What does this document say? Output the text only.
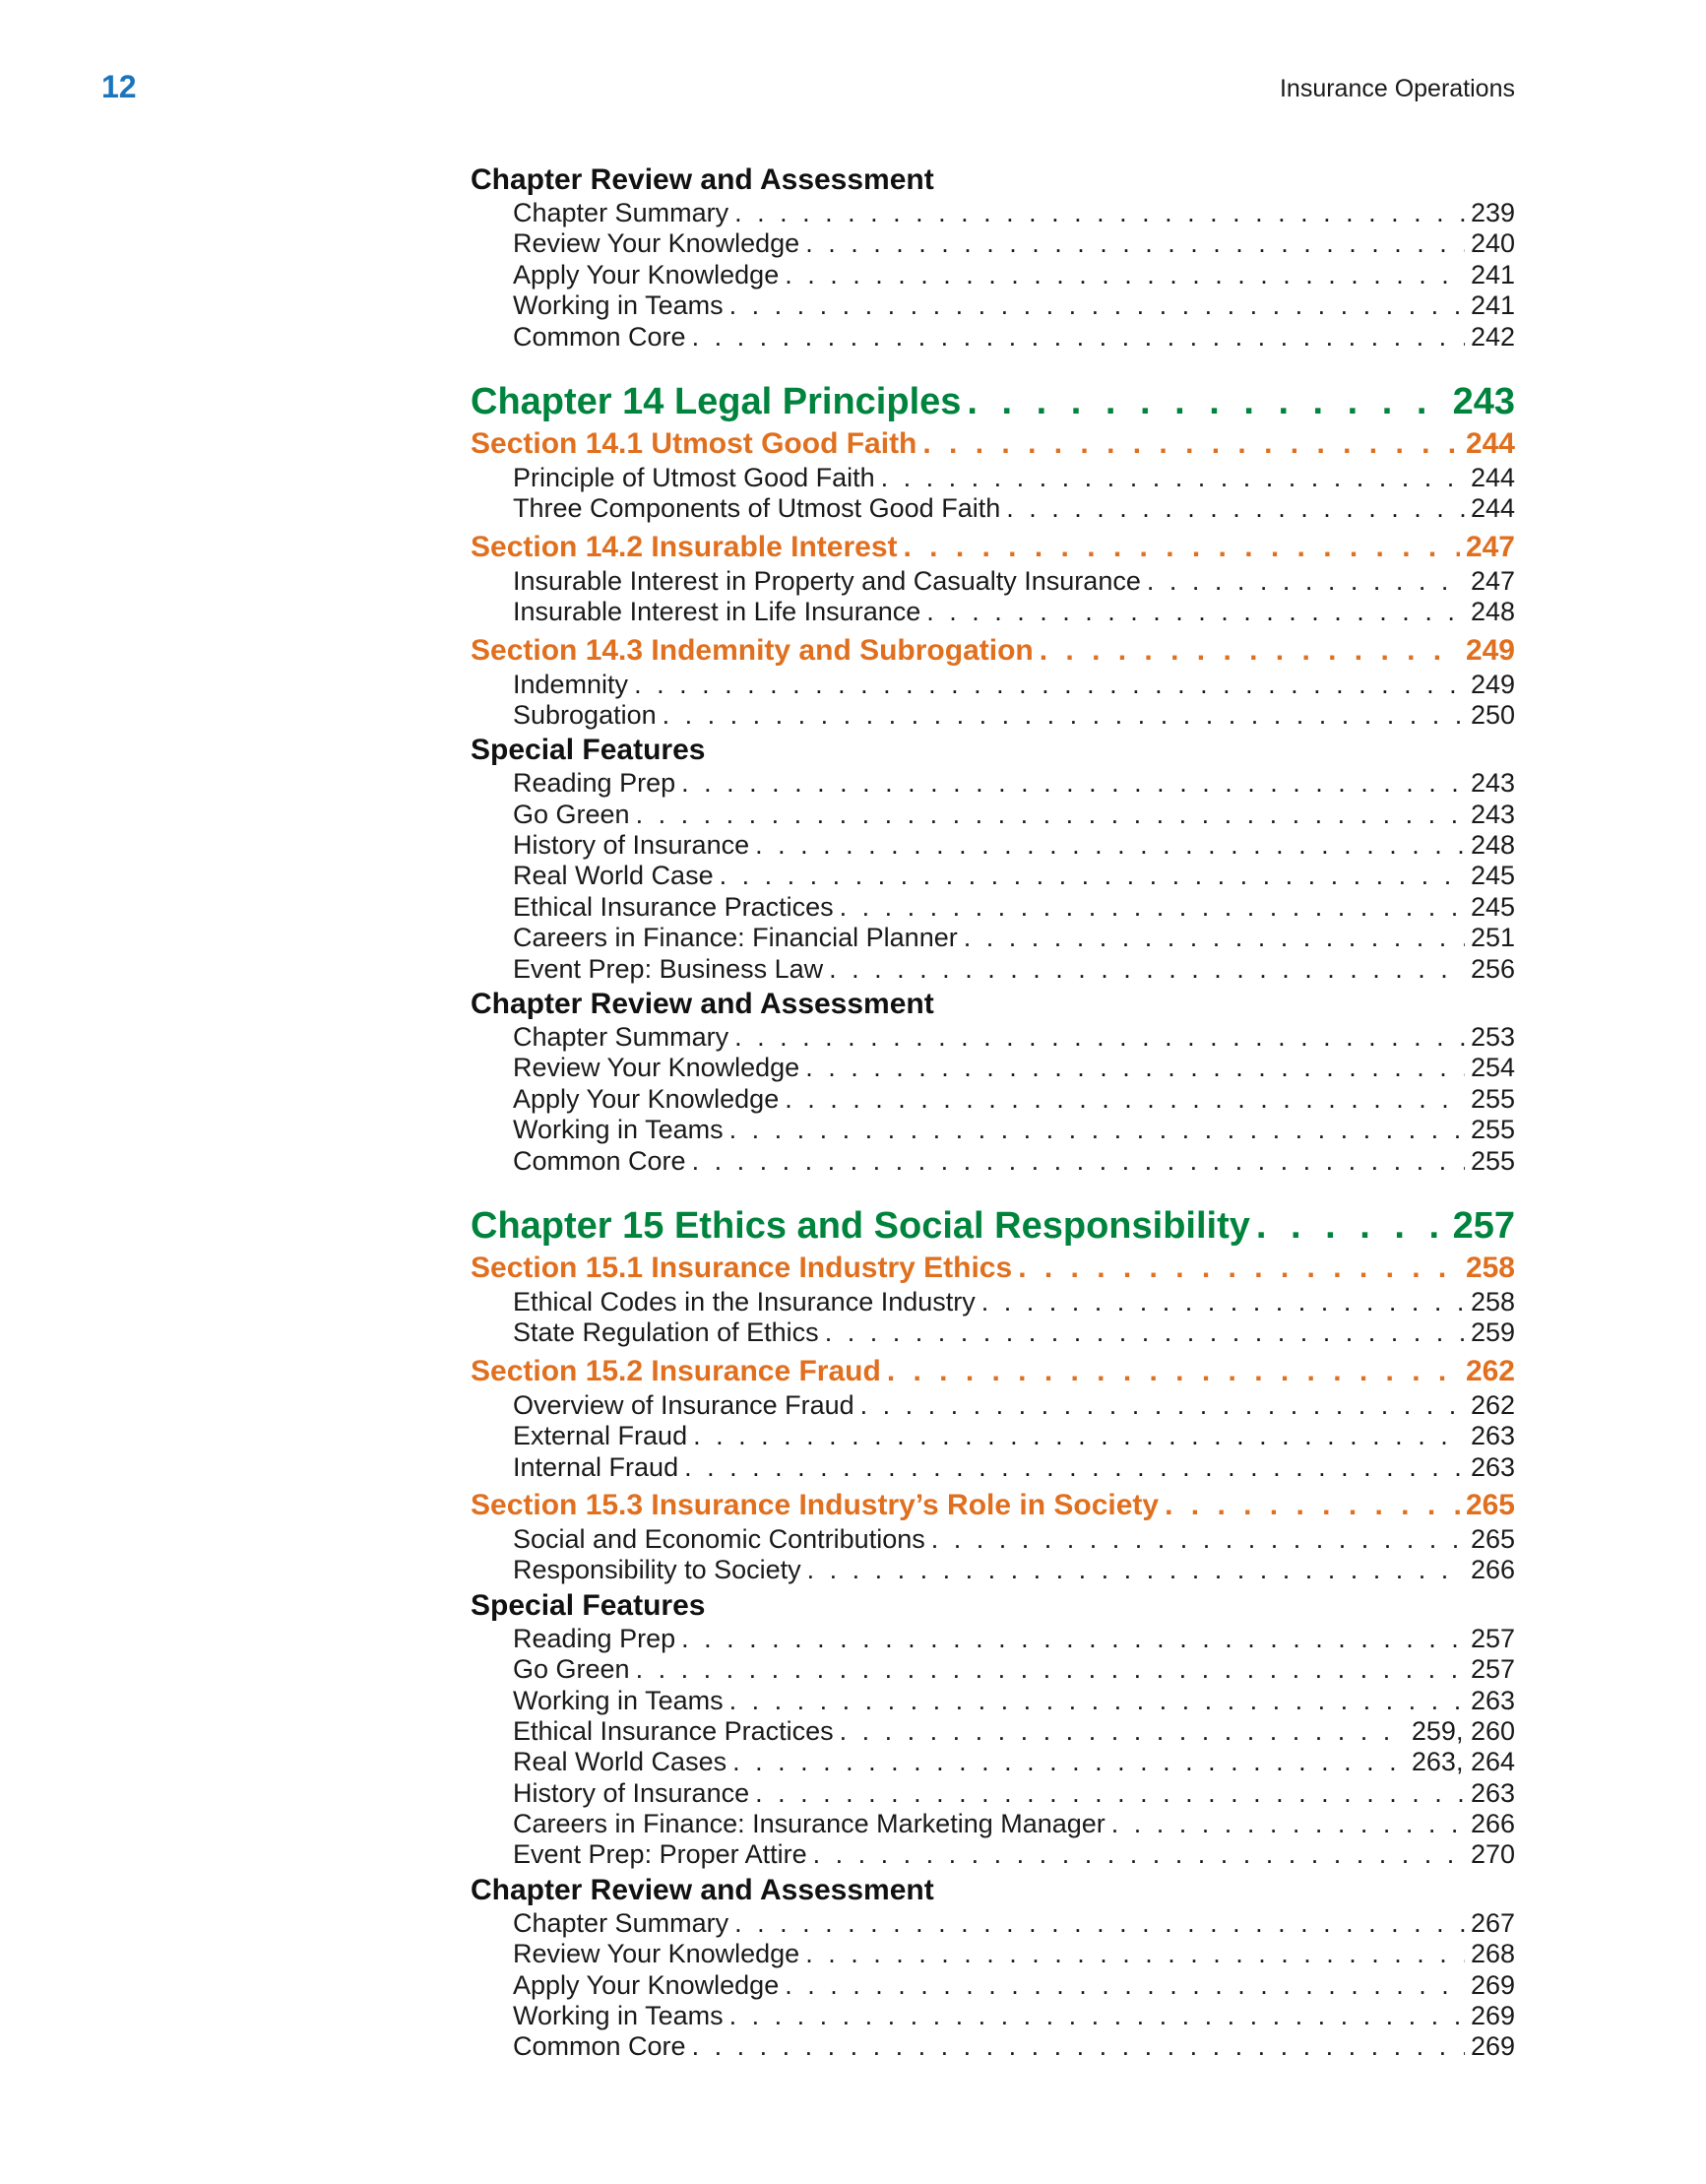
12	Insurance Operations
Chapter Review and Assessment
Chapter Summary . . .	239
Review Your Knowledge . . .	240
Apply Your Knowledge . . .	241
Working in Teams . . .	241
Common Core . . .	242
Chapter 14 Legal Principles . . .	243
Section 14.1 Utmost Good Faith . . .	244
Principle of Utmost Good Faith . . .	244
Three Components of Utmost Good Faith . . .	244
Section 14.2 Insurable Interest . . .	247
Insurable Interest in Property and Casualty Insurance . . .	247
Insurable Interest in Life Insurance . . .	248
Section 14.3 Indemnity and Subrogation . . .	249
Indemnity . . .	249
Subrogation . . .	250
Special Features
Reading Prep . . .	243
Go Green . . .	243
History of Insurance . . .	248
Real World Case . . .	245
Ethical Insurance Practices . . .	245
Careers in Finance: Financial Planner . . .	251
Event Prep: Business Law . . .	256
Chapter Review and Assessment
Chapter Summary . . .	253
Review Your Knowledge . . .	254
Apply Your Knowledge . . .	255
Working in Teams . . .	255
Common Core . . .	255
Chapter 15 Ethics and Social Responsibility . . .	257
Section 15.1 Insurance Industry Ethics . . .	258
Ethical Codes in the Insurance Industry . . .	258
State Regulation of Ethics . . .	259
Section 15.2 Insurance Fraud . . .	262
Overview of Insurance Fraud . . .	262
External Fraud . . .	263
Internal Fraud . . .	263
Section 15.3 Insurance Industry’s Role in Society . . .	265
Social and Economic Contributions . . .	265
Responsibility to Society . . .	266
Special Features
Reading Prep . . .	257
Go Green . . .	257
Working in Teams . . .	263
Ethical Insurance Practices . . .	259, 260
Real World Cases . . .	263, 264
History of Insurance . . .	263
Careers in Finance: Insurance Marketing Manager . . .	266
Event Prep: Proper Attire . . .	270
Chapter Review and Assessment
Chapter Summary . . .	267
Review Your Knowledge . . .	268
Apply Your Knowledge . . .	269
Working in Teams . . .	269
Common Core . . .	269
